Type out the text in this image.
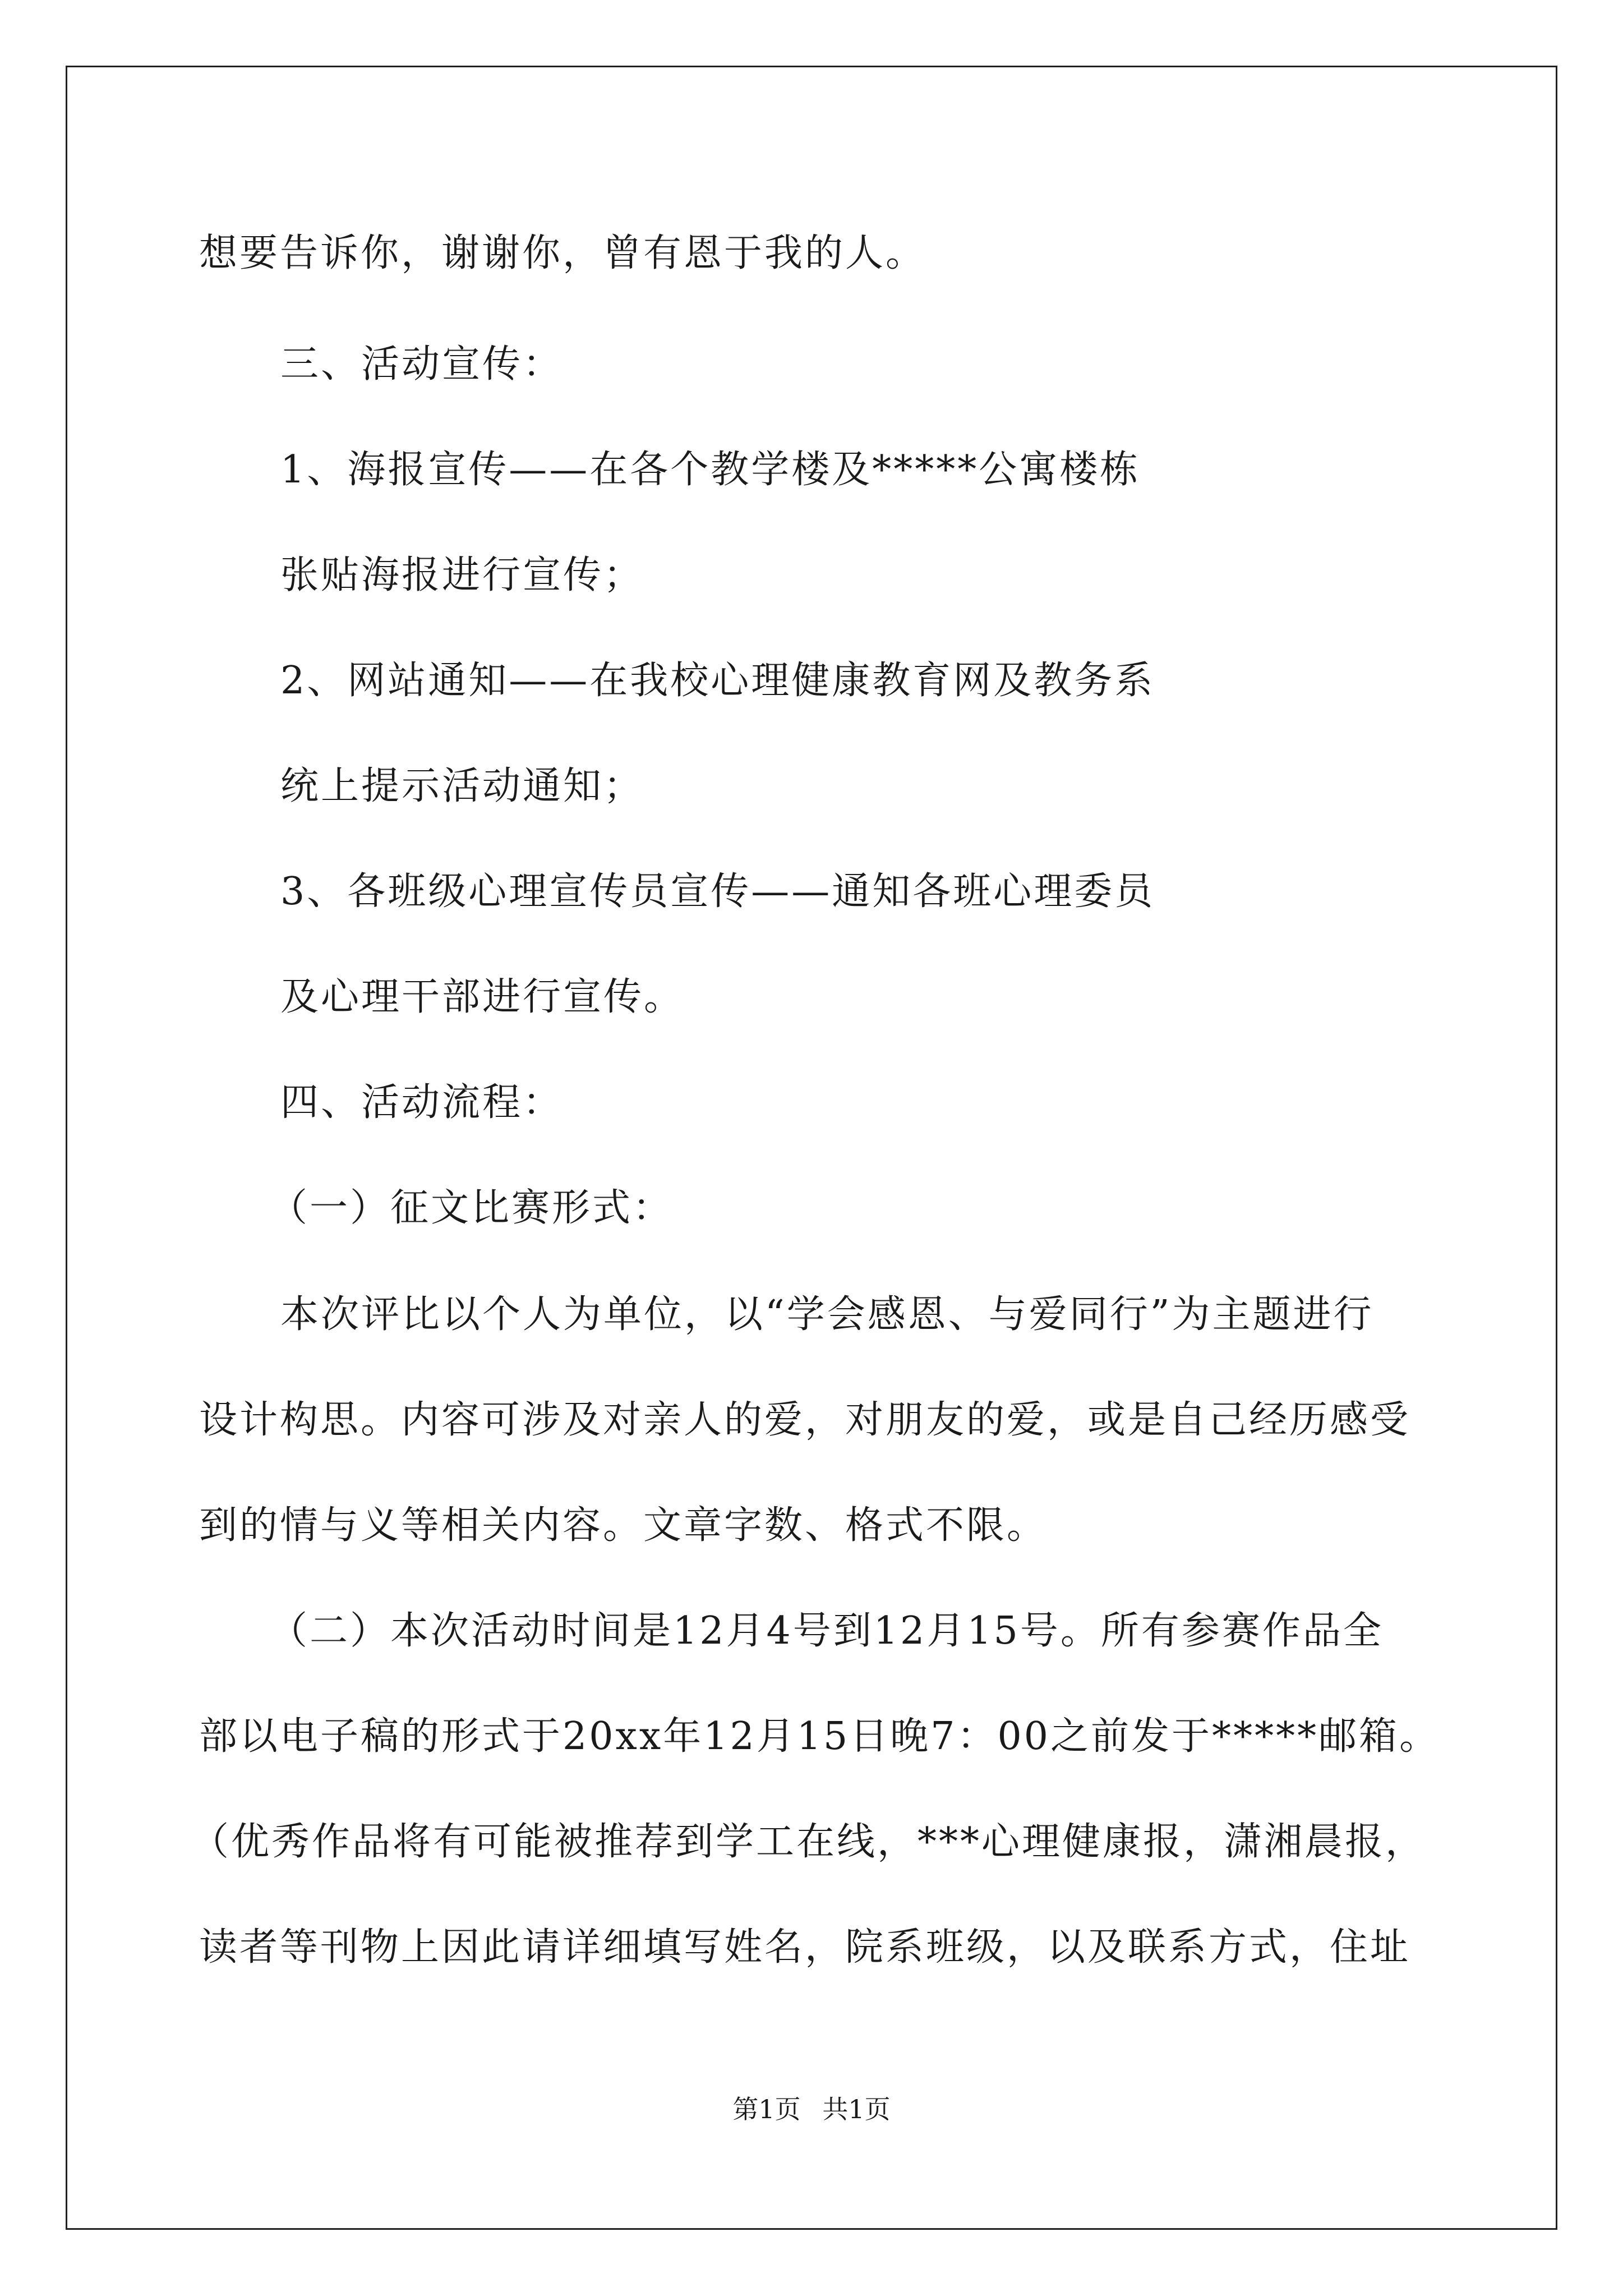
想要告诉你，谢谢你，曾有恩于我的人。
三、活动宣传：
1、海报宣传——在各个教学楼及*****公寓楼栋
张贴海报进行宣传；
2、网站通知——在我校心理健康教育网及教务系
统上提示活动通知；
3、各班级心理宣传员宣传——通知各班心理委员
及心理干部进行宣传。
四、活动流程：
（一）征文比赛形式：
本次评比以个人为单位，以“学会感恩、与爱同行”为主题进行
设计构思。内容可涉及对亲人的爱，对朋友的爱，或是自己经历感受
到的情与义等相关内容。文章字数、格式不限。
（二）本次活动时间是12月4号到12月15号。所有参赛作品全
部以电子稿的形式于20xx年12月15日晚7：00之前发于*****邮箱。
（优秀作品将有可能被推荐到学工在线，***心理健康报，潇湘晨报，
读者等刊物上因此请详细填写姓名，院系班级，以及联系方式，住址
第1页 共1页
